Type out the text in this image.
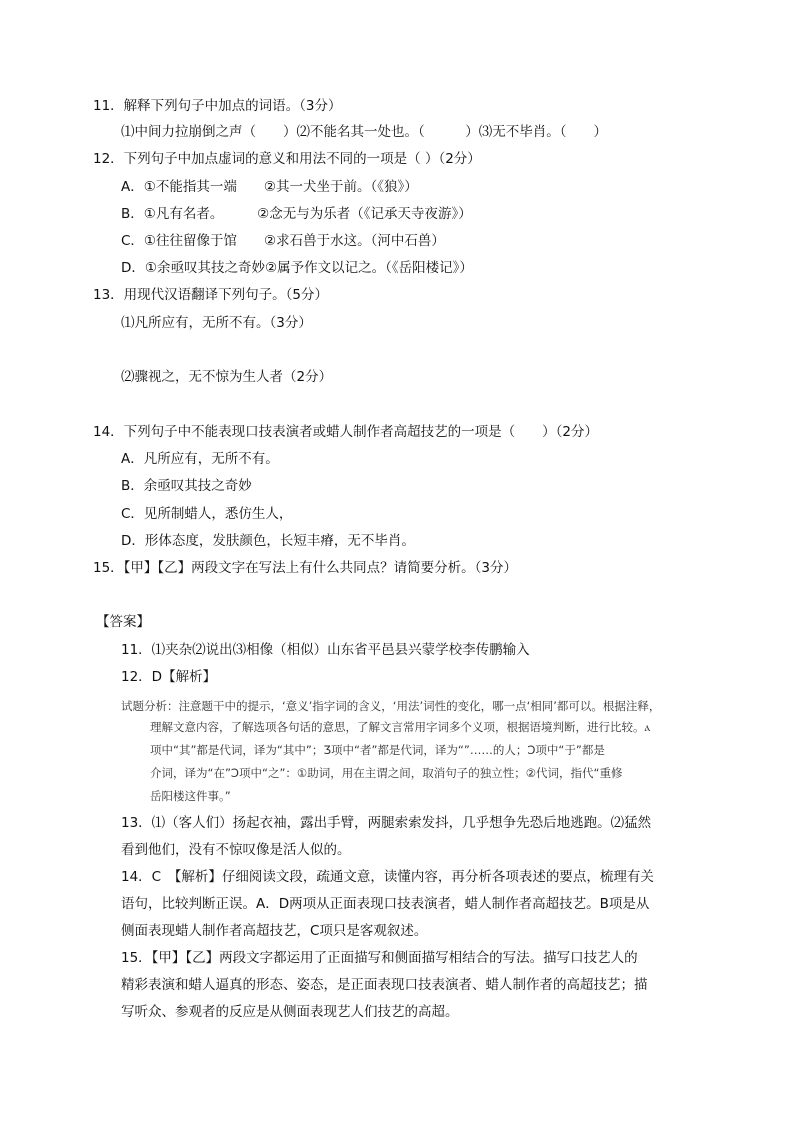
11．解释下列句子中加点的词语。（3分）
⑴中间力拉崩倒之声（　　）⑵不能名其一处也。（　　　）⑶无不毕肖。（　　）
12．下列句子中加点虚词的意义和用法不同的一项是（ ）（2分）
A．①不能指其一端　　②其一犬坐于前。（《狼》）
B．①凡有名者。　　　②念无与为乐者（《记承天寺夜游》）
C．①往往留像于馆　　②求石兽于水这。（河中石兽）
D．①余亟叹其技之奇妙②属予作文以记之。（《岳阳楼记》）
13．用现代汉语翻译下列句子。（5分）
⑴凡所应有，无所不有。（3分）
⑵骤视之，无不惊为生人者（2分）
14．下列句子中不能表现口技表演者或蜡人制作者高超技艺的一项是（　　）（2分）
A．凡所应有，无所不有。
B．余亟叹其技之奇妙
C．见所制蜡人，悉仿生人，
D．形体态度，发肤颜色，长短丰瘠，无不毕肖。
15．【甲】【乙】两段文字在写法上有什么共同点？请简要分析。（3分）
【答案】
11．⑴夹杂⑵说出⑶相像（相似）山东省平邑县兴蒙学校李传鹏输入
12．D【解析】
试题分析：注意题干中的提示，‘意义’指字词的含义，‘用法’词性的变化，哪一点‘相同’都可以。根据注释，
理解文意内容，了解选项各句话的意思，了解文言常用字词多个义项，根据语境判断，进行比较。ⲁ
项中“其”都是代词，译为“其中”；Ʒ项中“者”都是代词，译为“”……的人；Ͻ项中“于”都是
介词，译为“在”Ͻ项中“之”：①助词，用在主谓之间，取消句子的独立性；②代词，指代“重修
岳阳楼这件事。”
13．⑴（客人们）扬起衣袖，露出手臂，两腿索索发抖，几乎想争先恐后地逃跑。⑵猛然
看到他们，没有不惊叹像是活人似的。
14．C　【解析】仔细阅读文段，疏通文意，读懂内容，再分析各项表述的要点，梳理有关
语句，比较判断正误。A．D两项从正面表现口技表演者，蜡人制作者高超技艺。B项是从
侧面表现蜡人制作者高超技艺，C项只是客观叙述。
15．【甲】【乙】两段文字都运用了正面描写和侧面描写相结合的写法。描写口技艺人的
精彩表演和蜡人逼真的形态、姿态，是正面表现口技表演者、蜡人制作者的高超技艺；描
写听众、参观者的反应是从侧面表现艺人们技艺的高超。
